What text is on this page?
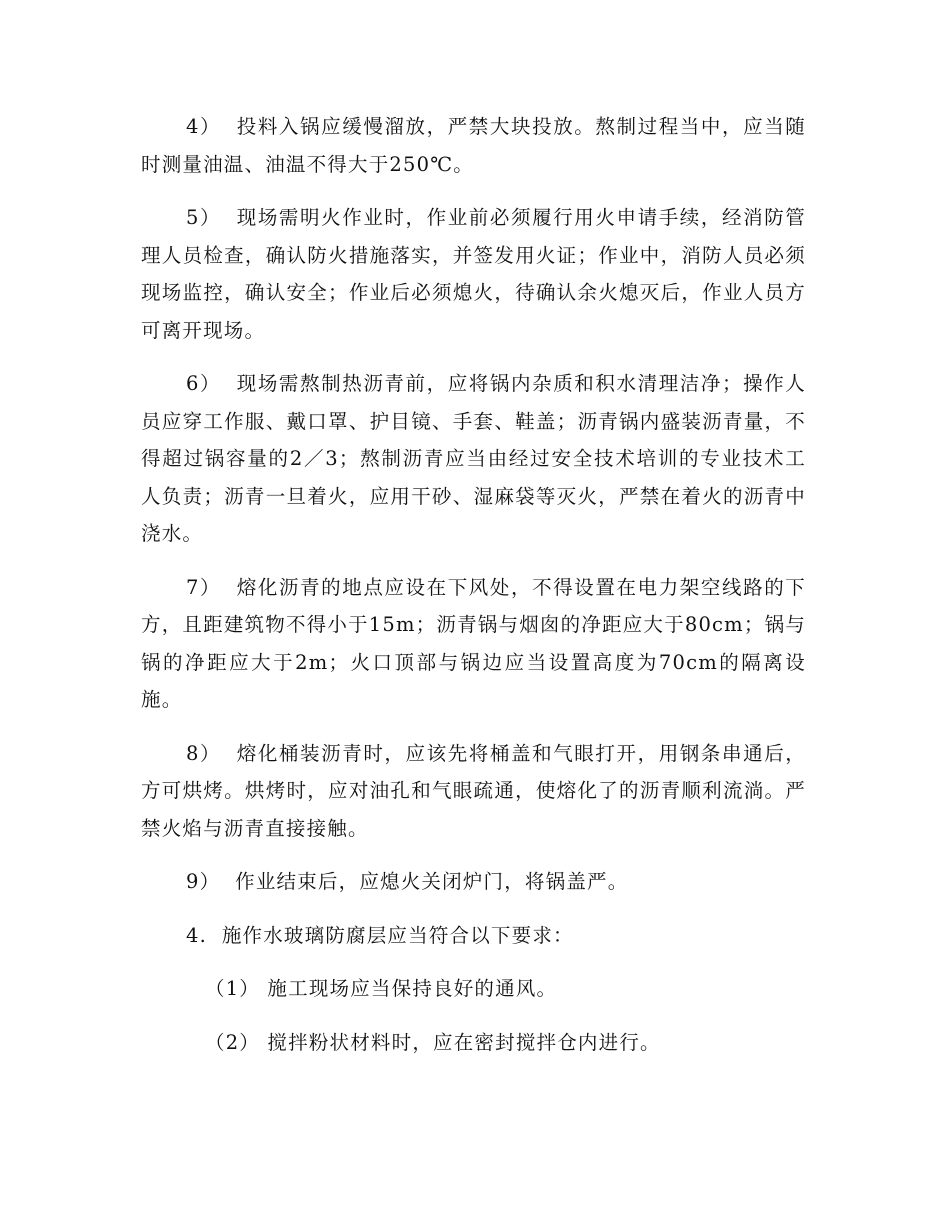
4） 投料入锅应缓慢溜放，严禁大块投放。熬制过程当中，应当随时测量油温、油温不得大于250℃。

5） 现场需明火作业时，作业前必须履行用火申请手续，经消防管理人员检查，确认防火措施落实，并签发用火证；作业中，消防人员必须现场监控，确认安全；作业后必须熄火，待确认余火熄灭后，作业人员方可离开现场。

6） 现场需熬制热沥青前，应将锅内杂质和积水清理洁净；操作人员应穿工作服、戴口罩、护目镜、手套、鞋盖；沥青锅内盛装沥青量，不得超过锅容量的2／3；熬制沥青应当由经过安全技术培训的专业技术工人负责；沥青一旦着火，应用干砂、湿麻袋等灭火，严禁在着火的沥青中浇水。

7） 熔化沥青的地点应设在下风处，不得设置在电力架空线路的下方，且距建筑物不得小于15m；沥青锅与烟囱的净距应大于80cm；锅与锅的净距应大于2m；火口顶部与锅边应当设置高度为70cm的隔离设施。

8） 熔化桶装沥青时，应该先将桶盖和气眼打开，用钢条串通后，方可烘烤。烘烤时，应对油孔和气眼疏通，使熔化了的沥青顺利流淌。严禁火焰与沥青直接接触。

9） 作业结束后，应熄火关闭炉门，将锅盖严。

4. 施作水玻璃防腐层应当符合以下要求：

（1） 施工现场应当保持良好的通风。

（2） 搅拌粉状材料时，应在密封搅拌仓内进行。
